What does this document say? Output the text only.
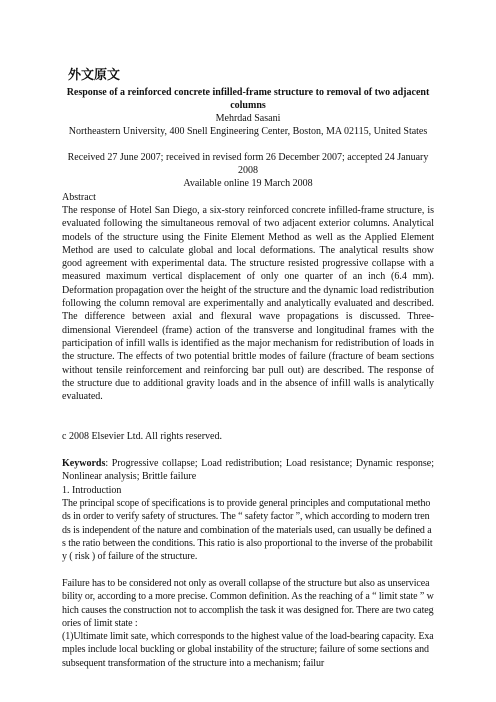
外文原文
Response of a reinforced concrete infilled-frame structure to removal of two adjacent columns
Mehrdad Sasani
Northeastern University, 400 Snell Engineering Center, Boston, MA 02115, United States
Received 27 June 2007; received in revised form 26 December 2007; accepted 24 January 2008
Available online 19 March 2008
Abstract
The response of Hotel San Diego, a six-story reinforced concrete infilled-frame structure, is evaluated following the simultaneous removal of two adjacent exterior columns. Analytical models of the structure using the Finite Element Method as well as the Applied Element Method are used to calculate global and local deformations. The analytical results show good agreement with experimental data. The structure resisted progressive collapse with a measured maximum vertical displacement of only one quarter of an inch (6.4 mm). Deformation propagation over the height of the structure and the dynamic load redistribution following the column removal are experimentally and analytically evaluated and described. The difference between axial and flexural wave propagations is discussed. Three-dimensional Vierendeel (frame) action of the transverse and longitudinal frames with the participation of infill walls is identified as the major mechanism for redistribution of loads in the structure. The effects of two potential brittle modes of failure (fracture of beam sections without tensile reinforcement and reinforcing bar pull out) are described. The response of the structure due to additional gravity loads and in the absence of infill walls is analytically evaluated.
c 2008 Elsevier Ltd. All rights reserved.
Keywords: Progressive collapse; Load redistribution; Load resistance; Dynamic response; Nonlinear analysis; Brittle failure
1. Introduction
The principal scope of specifications is to provide general principles and computational methods in order to verify safety of structures. The “ safety factor ”, which according to modern trends is independent of the nature and combination of the materials used, can usually be defined as the ratio between the conditions. This ratio is also proportional to the inverse of the probability ( risk ) of failure of the structure.
Failure has to be considered not only as overall collapse of the structure but also as unserviceability or, according to a more precise. Common definition. As the reaching of a “ limit state ” which causes the construction not to accomplish the task it was designed for. There are two categories of limit state :
(1)Ultimate limit sate, which corresponds to the highest value of the load-bearing capacity. Examples include local buckling or global instability of the structure; failure of some sections and subsequent transformation of the structure into a mechanism; failur
